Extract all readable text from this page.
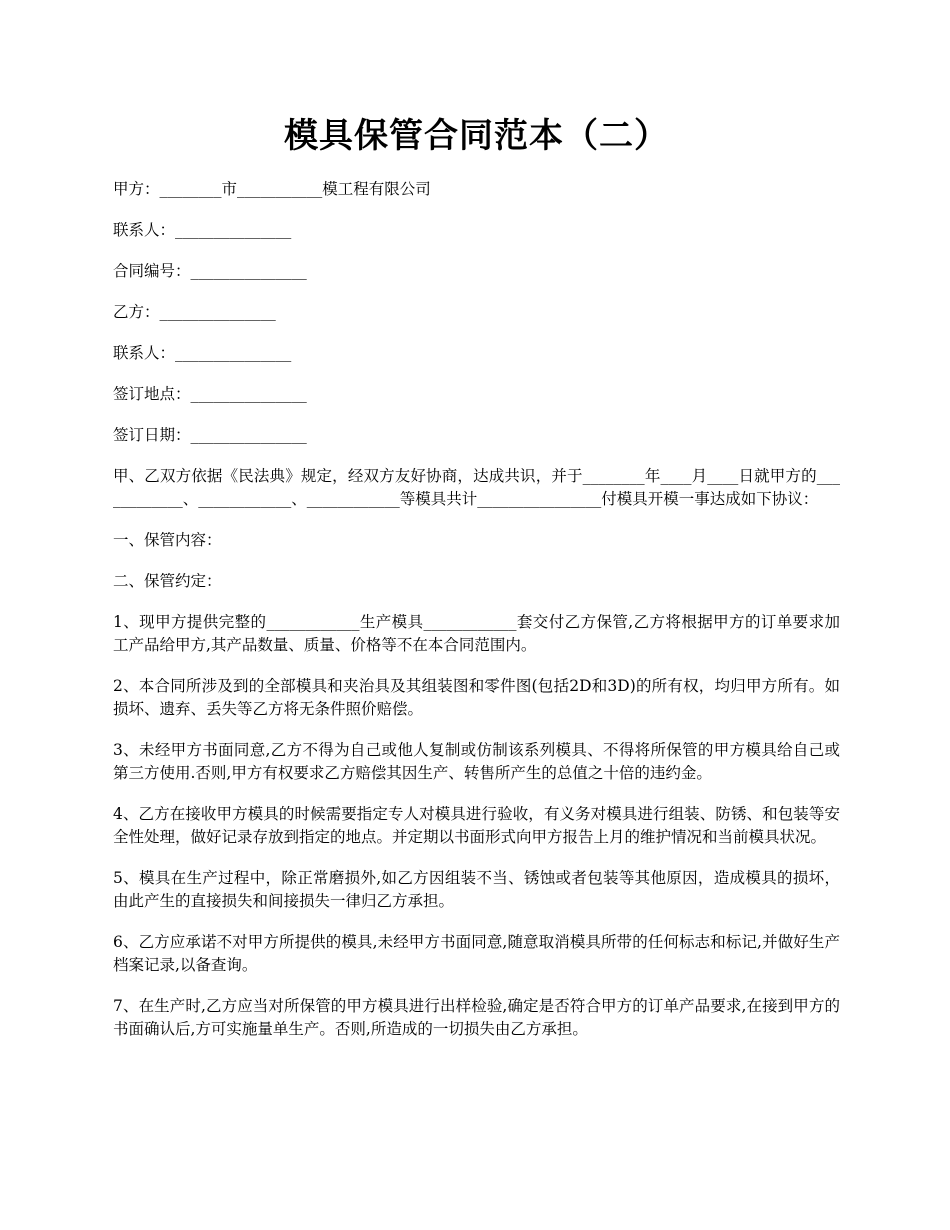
模具保管合同范本（二）

甲方：________市___________模工程有限公司

联系人：_______________

合同编号：_______________

乙方：_______________

联系人：_______________

签订地点：_______________

签订日期：_______________

甲、乙双方依据《民法典》规定，经双方友好协商，达成共识，并于________年____月____日就甲方的____________、____________、____________等模具共计________________付模具开模一事达成如下协议：

一、保管内容：

二、保管约定：

1、现甲方提供完整的____________生产模具____________套交付乙方保管,乙方将根据甲方的订单要求加工产品给甲方,其产品数量、质量、价格等不在本合同范围内。

2、本合同所涉及到的全部模具和夹治具及其组装图和零件图(包括2D和3D)的所有权，均归甲方所有。如损坏、遗弃、丢失等乙方将无条件照价赔偿。

3、未经甲方书面同意,乙方不得为自己或他人复制或仿制该系列模具、不得将所保管的甲方模具给自己或第三方使用.否则,甲方有权要求乙方赔偿其因生产、转售所产生的总值之十倍的违约金。

4、乙方在接收甲方模具的时候需要指定专人对模具进行验收，有义务对模具进行组装、防锈、和包装等安全性处理，做好记录存放到指定的地点。并定期以书面形式向甲方报告上月的维护情况和当前模具状况。

5、模具在生产过程中，除正常磨损外,如乙方因组装不当、锈蚀或者包装等其他原因，造成模具的损坏，由此产生的直接损失和间接损失一律归乙方承担。

6、乙方应承诺不对甲方所提供的模具,未经甲方书面同意,随意取消模具所带的任何标志和标记,并做好生产档案记录,以备查询。

7、在生产时,乙方应当对所保管的甲方模具进行出样检验,确定是否符合甲方的订单产品要求,在接到甲方的书面确认后,方可实施量单生产。否则,所造成的一切损失由乙方承担。
